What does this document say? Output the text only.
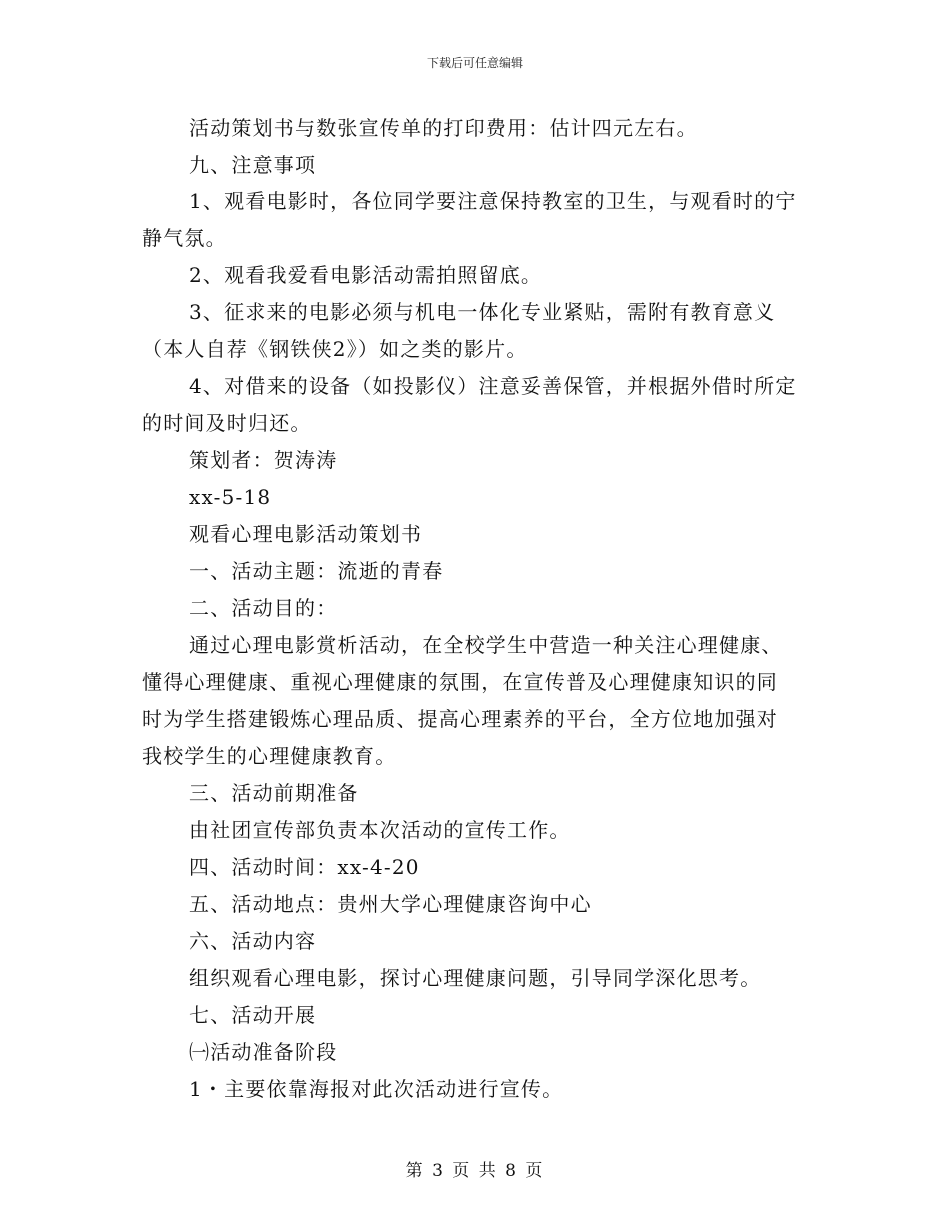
下载后可任意编辑
活动策划书与数张宣传单的打印费用：估计四元左右。
九、注意事项
1、观看电影时，各位同学要注意保持教室的卫生，与观看时的宁
静气氛。
2、观看我爱看电影活动需拍照留底。
3、征求来的电影必须与机电一体化专业紧贴，需附有教育意义
（本人自荐《钢铁侠2》）如之类的影片。
4、对借来的设备（如投影仪）注意妥善保管，并根据外借时所定
的时间及时归还。
策划者：贺涛涛
xx-5-18
观看心理电影活动策划书
一、活动主题：流逝的青春
二、活动目的：
通过心理电影赏析活动，在全校学生中营造一种关注心理健康、
懂得心理健康、重视心理健康的氛围，在宣传普及心理健康知识的同
时为学生搭建锻炼心理品质、提高心理素养的平台，全方位地加强对
我校学生的心理健康教育。
三、活动前期准备
由社团宣传部负责本次活动的宣传工作。
四、活动时间：xx-4-20
五、活动地点：贵州大学心理健康咨询中心
六、活动内容
组织观看心理电影，探讨心理健康问题，引导同学深化思考。
七、活动开展
㈠活动准备阶段
1・主要依靠海报对此次活动进行宣传。
第 3 页 共 8 页
